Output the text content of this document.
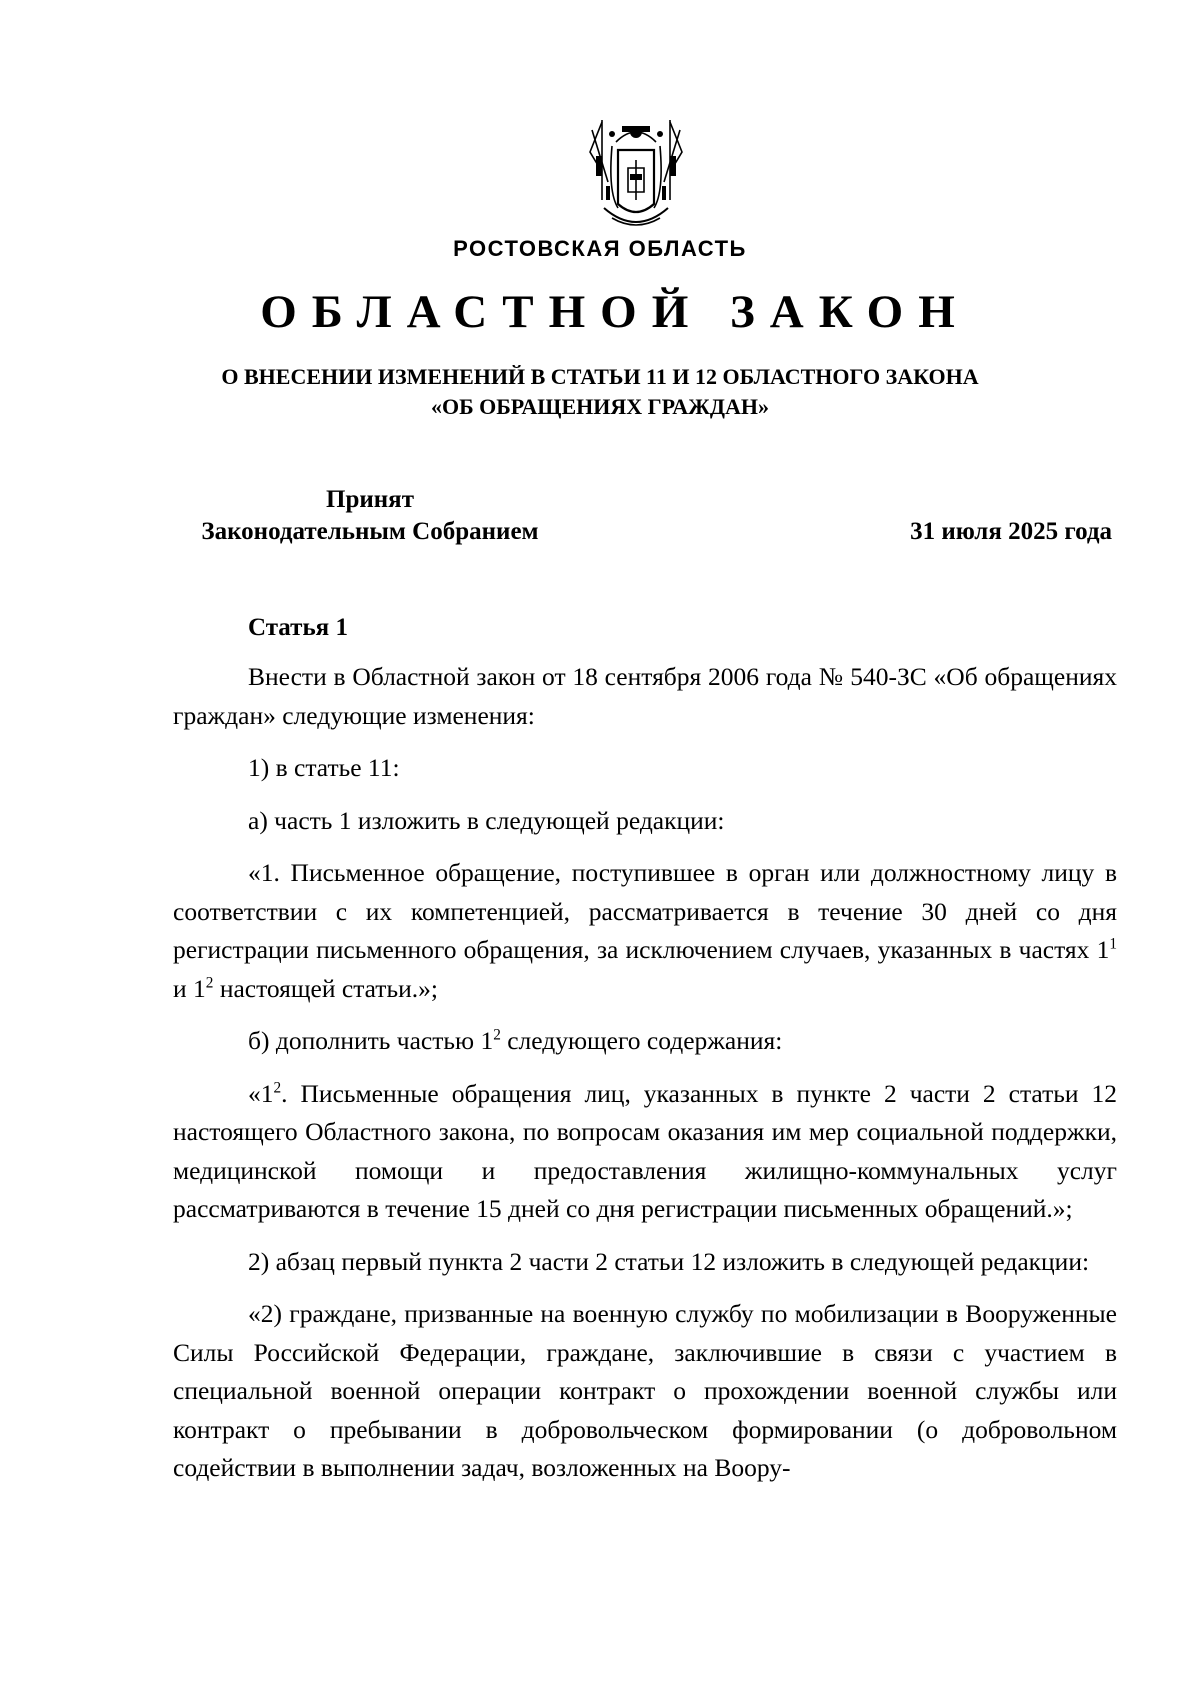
РОСТОВСКАЯ ОБЛАСТЬ
ОБЛАСТНОЙ ЗАКОН
О ВНЕСЕНИИ ИЗМЕНЕНИЙ В СТАТЬИ 11 И 12 ОБЛАСТНОГО ЗАКОНА
«ОБ ОБРАЩЕНИЯХ ГРАЖДАН»
Принят
Законодательным Собранием	31 июля 2025 года
Статья 1

Внести в Областной закон от 18 сентября 2006 года № 540-ЗС «Об обращениях граждан» следующие изменения:

1) в статье 11:

а) часть 1 изложить в следующей редакции:

«1. Письменное обращение, поступившее в орган или должностному лицу в соответствии с их компетенцией, рассматривается в течение 30 дней со дня регистрации письменного обращения, за исключением случаев, указанных в частях $1^1$ и $1^2$ настоящей статьи.»;

б) дополнить частью $1^2$ следующего содержания:

«$1^2$. Письменные обращения лиц, указанных в пункте 2 части 2 статьи 12 настоящего Областного закона, по вопросам оказания им мер социальной поддержки, медицинской помощи и предоставления жилищно-коммунальных услуг рассматриваются в течение 15 дней со дня регистрации письменных обращений.»;

2) абзац первый пункта 2 части 2 статьи 12 изложить в следующей редакции:

«2) граждане, призванные на военную службу по мобилизации в Вооруженные Силы Российской Федерации, граждане, заключившие в связи с участием в специальной военной операции контракт о прохождении военной службы или контракт о пребывании в добровольческом формировании (о добровольном содействии в выполнении задач, возложенных на Воору-
